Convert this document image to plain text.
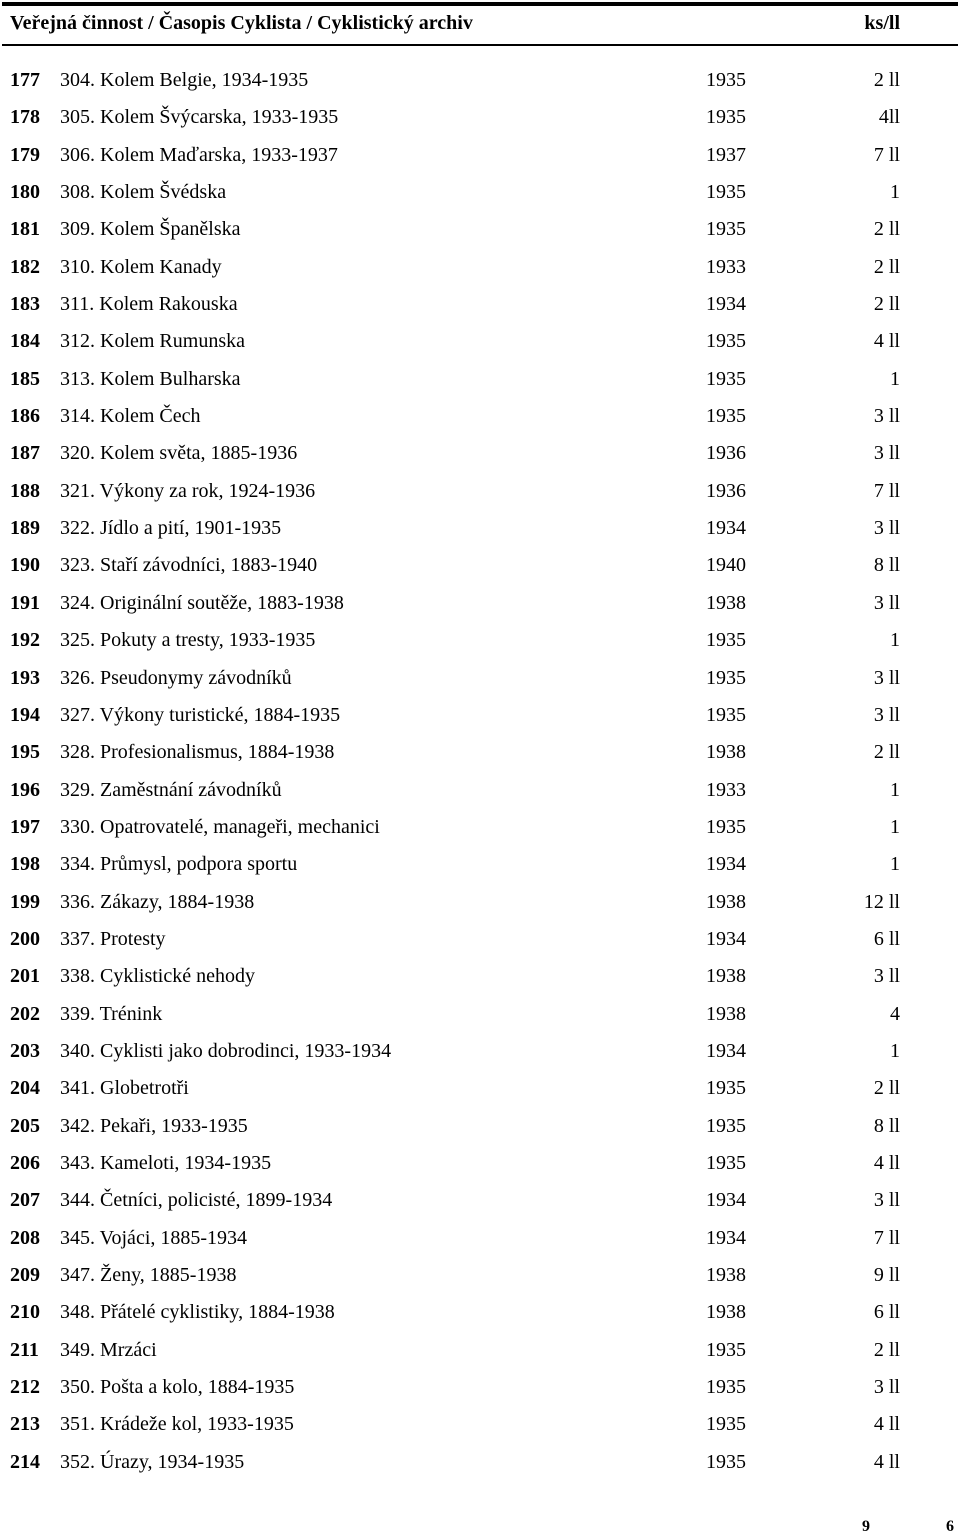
Veřejná činnost / Časopis Cyklista / Cyklistický archiv	ks/ll
177	304. Kolem Belgie, 1934-1935	1935	2 ll
178	305. Kolem Švýcarska, 1933-1935	1935	4ll
179	306. Kolem Maďarska, 1933-1937	1937	7 ll
180	308. Kolem Švédska	1935	1
181	309. Kolem Španělska	1935	2 ll
182	310. Kolem Kanady	1933	2 ll
183	311. Kolem Rakouska	1934	2 ll
184	312. Kolem Rumunska	1935	4 ll
185	313. Kolem Bulharska	1935	1
186	314. Kolem Čech	1935	3 ll
187	320. Kolem světa, 1885-1936	1936	3 ll
188	321. Výkony za rok, 1924-1936	1936	7 ll
189	322. Jídlo a pití, 1901-1935	1934	3 ll
190	323. Staří závodníci, 1883-1940	1940	8 ll
191	324. Originální soutěže, 1883-1938	1938	3 ll
192	325. Pokuty a tresty, 1933-1935	1935	1
193	326. Pseudonymy závodníků	1935	3 ll
194	327. Výkony turistické, 1884-1935	1935	3 ll
195	328. Profesionalismus, 1884-1938	1938	2 ll
196	329. Zaměstnání závodníků	1933	1
197	330. Opatrovatelé, manageři, mechanici	1935	1
198	334. Průmysl, podpora sportu	1934	1
199	336. Zákazy, 1884-1938	1938	12 ll
200	337. Protesty	1934	6 ll
201	338. Cyklistické nehody	1938	3 ll
202	339. Trénink	1938	4
203	340. Cyklisti jako dobrodinci, 1933-1934	1934	1
204	341. Globetrotři	1935	2 ll
205	342. Pekaři, 1933-1935	1935	8 ll
206	343. Kameloti, 1934-1935	1935	4 ll
207	344. Četníci, policisté, 1899-1934	1934	3 ll
208	345. Vojáci, 1885-1934	1934	7 ll
209	347. Ženy, 1885-1938	1938	9 ll
210	348. Přátelé cyklistiky, 1884-1938	1938	6 ll
211	349. Mrzáci	1935	2 ll
212	350. Pošta a kolo, 1884-1935	1935	3 ll
213	351. Krádeže kol, 1933-1935	1935	4 ll
214	352. Úrazy, 1934-1935	1935	4 ll
9	6
